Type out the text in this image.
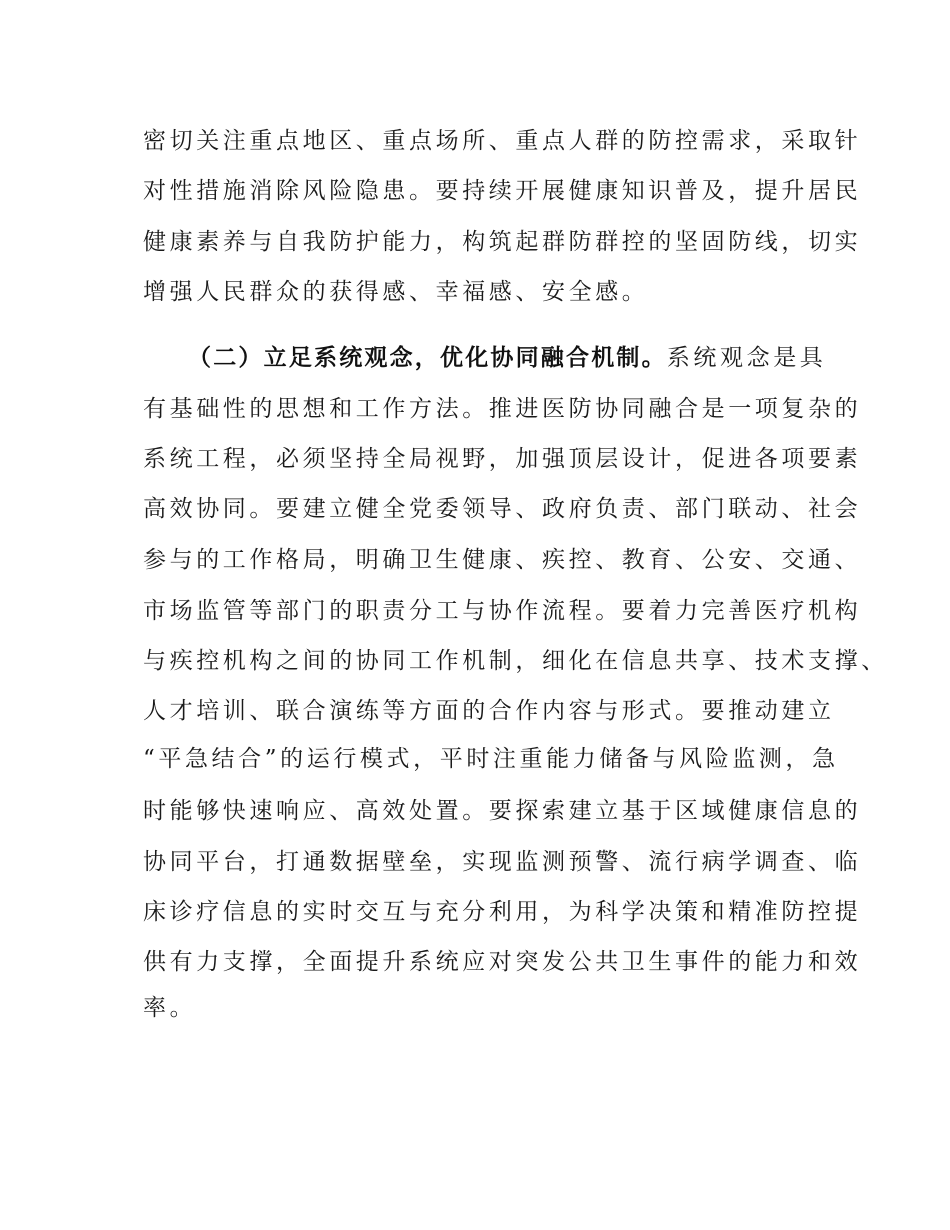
密切关注重点地区、重点场所、重点人群的防控需求，采取针
对性措施消除风险隐患。要持续开展健康知识普及，提升居民
健康素养与自我防护能力，构筑起群防群控的坚固防线，切实
增强人民群众的获得感、幸福感、安全感。
（二）立足系统观念，优化协同融合机制。系统观念是具
有基础性的思想和工作方法。推进医防协同融合是一项复杂的
系统工程，必须坚持全局视野，加强顶层设计，促进各项要素
高效协同。要建立健全党委领导、政府负责、部门联动、社会
参与的工作格局，明确卫生健康、疾控、教育、公安、交通、
市场监管等部门的职责分工与协作流程。要着力完善医疗机构
与疾控机构之间的协同工作机制，细化在信息共享、技术支撑、
人才培训、联合演练等方面的合作内容与形式。要推动建立
“平急结合”的运行模式，平时注重能力储备与风险监测，急
时能够快速响应、高效处置。要探索建立基于区域健康信息的
协同平台，打通数据壁垒，实现监测预警、流行病学调查、临
床诊疗信息的实时交互与充分利用，为科学决策和精准防控提
供有力支撑，全面提升系统应对突发公共卫生事件的能力和效
率。
